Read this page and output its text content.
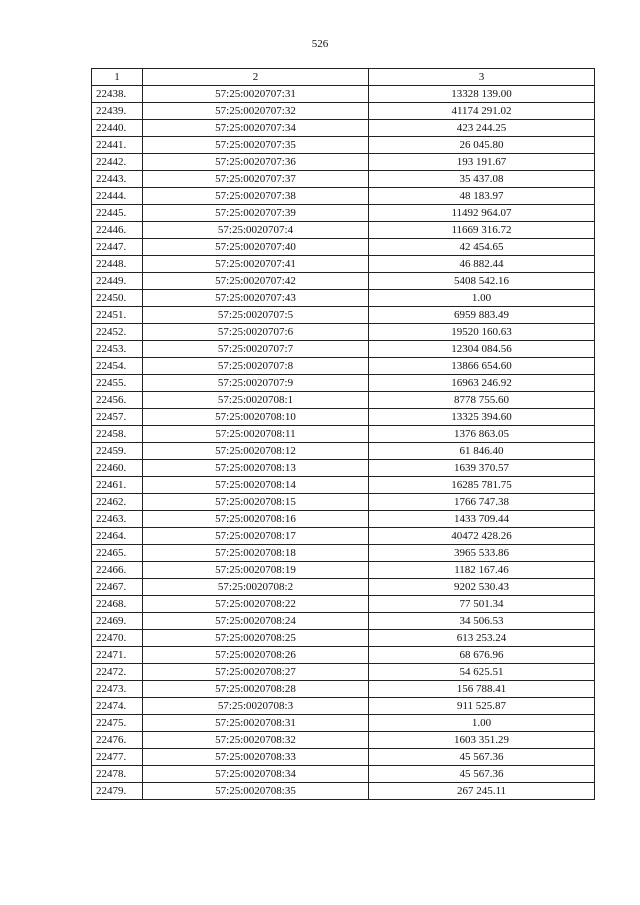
526
1	2	3
22438.	57:25:0020707:31	13328 139.00
22439.	57:25:0020707:32	41174 291.02
22440.	57:25:0020707:34	423 244.25
22441.	57:25:0020707:35	26 045.80
22442.	57:25:0020707:36	193 191.67
22443.	57:25:0020707:37	35 437.08
22444.	57:25:0020707:38	48 183.97
22445.	57:25:0020707:39	11492 964.07
22446.	57:25:0020707:4	11669 316.72
22447.	57:25:0020707:40	42 454.65
22448.	57:25:0020707:41	46 882.44
22449.	57:25:0020707:42	5408 542.16
22450.	57:25:0020707:43	1.00
22451.	57:25:0020707:5	6959 883.49
22452.	57:25:0020707:6	19520 160.63
22453.	57:25:0020707:7	12304 084.56
22454.	57:25:0020707:8	13866 654.60
22455.	57:25:0020707:9	16963 246.92
22456.	57:25:0020708:1	8778 755.60
22457.	57:25:0020708:10	13325 394.60
22458.	57:25:0020708:11	1376 863.05
22459.	57:25:0020708:12	61 846.40
22460.	57:25:0020708:13	1639 370.57
22461.	57:25:0020708:14	16285 781.75
22462.	57:25:0020708:15	1766 747.38
22463.	57:25:0020708:16	1433 709.44
22464.	57:25:0020708:17	40472 428.26
22465.	57:25:0020708:18	3965 533.86
22466.	57:25:0020708:19	1182 167.46
22467.	57:25:0020708:2	9202 530.43
22468.	57:25:0020708:22	77 501.34
22469.	57:25:0020708:24	34 506.53
22470.	57:25:0020708:25	613 253.24
22471.	57:25:0020708:26	68 676.96
22472.	57:25:0020708:27	54 625.51
22473.	57:25:0020708:28	156 788.41
22474.	57:25:0020708:3	911 525.87
22475.	57:25:0020708:31	1.00
22476.	57:25:0020708:32	1603 351.29
22477.	57:25:0020708:33	45 567.36
22478.	57:25:0020708:34	45 567.36
22479.	57:25:0020708:35	267 245.11
